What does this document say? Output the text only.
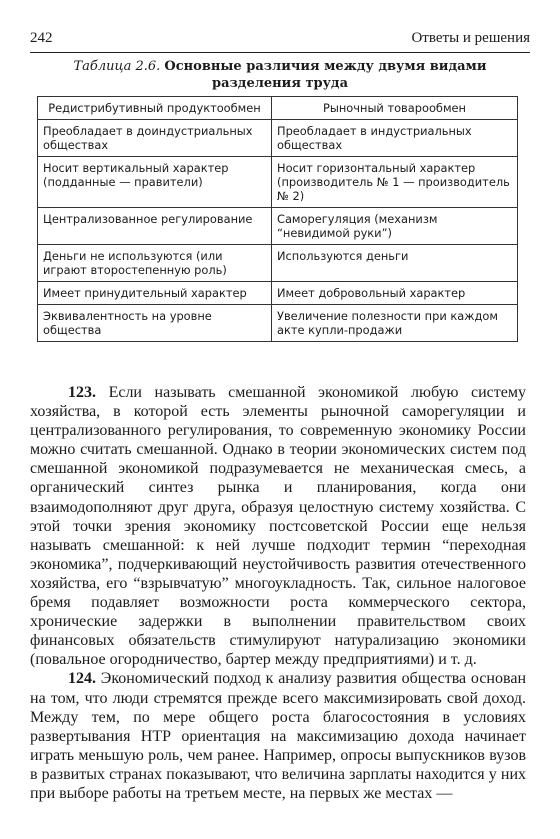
242	Ответы и решения
Таблица 2.6. Основные различия между двумя видами разделения труда
Редистрибутивный продуктообмен	Рыночный товарообмен
Преобладает в доиндустриальных обществах	Преобладает в индустриальных обществах
Носит вертикальный характер (подданные — правители)	Носит горизонтальный характер (производитель № 1 — производитель № 2)
Централизованное регулирование	Саморегуляция (механизм “невидимой руки”)
Деньги не используются (или играют второстепенную роль)	Используются деньги
Имеет принудительный характер	Имеет добровольный характер
Эквивалентность на уровне общества	Увеличение полезности при каждом акте купли-продажи

123. Если называть смешанной экономикой любую систему хозяйства, в которой есть элементы рыночной саморегуляции и централизованного регулирования, то современную экономику России можно считать смешанной. Однако в теории экономических систем под смешанной экономикой подразумевается не механическая смесь, а органический синтез рынка и планирования, когда они взаимодополняют друг друга, образуя целостную систему хозяйства. С этой точки зрения экономику постсоветской России еще нельзя называть смешанной: к ней лучше подходит термин “переходная экономика”, подчеркивающий неустойчивость развития отечественного хозяйства, его “взрывчатую” многоукладность. Так, сильное налоговое бремя подавляет возможности роста коммерческого сектора, хронические задержки в выполнении правительством своих финансовых обязательств стимулируют натурализацию экономики (повальное огородничество, бартер между предприятиями) и т. д.

124. Экономический подход к анализу развития общества основан на том, что люди стремятся прежде всего максимизировать свой доход. Между тем, по мере общего роста благосостояния в условиях развертывания НТР ориентация на максимизацию дохода начинает играть меньшую роль, чем ранее. Например, опросы выпускников вузов в развитых странах показывают, что величина зарплаты находится у них при выборе работы на третьем месте, на первых же местах —
